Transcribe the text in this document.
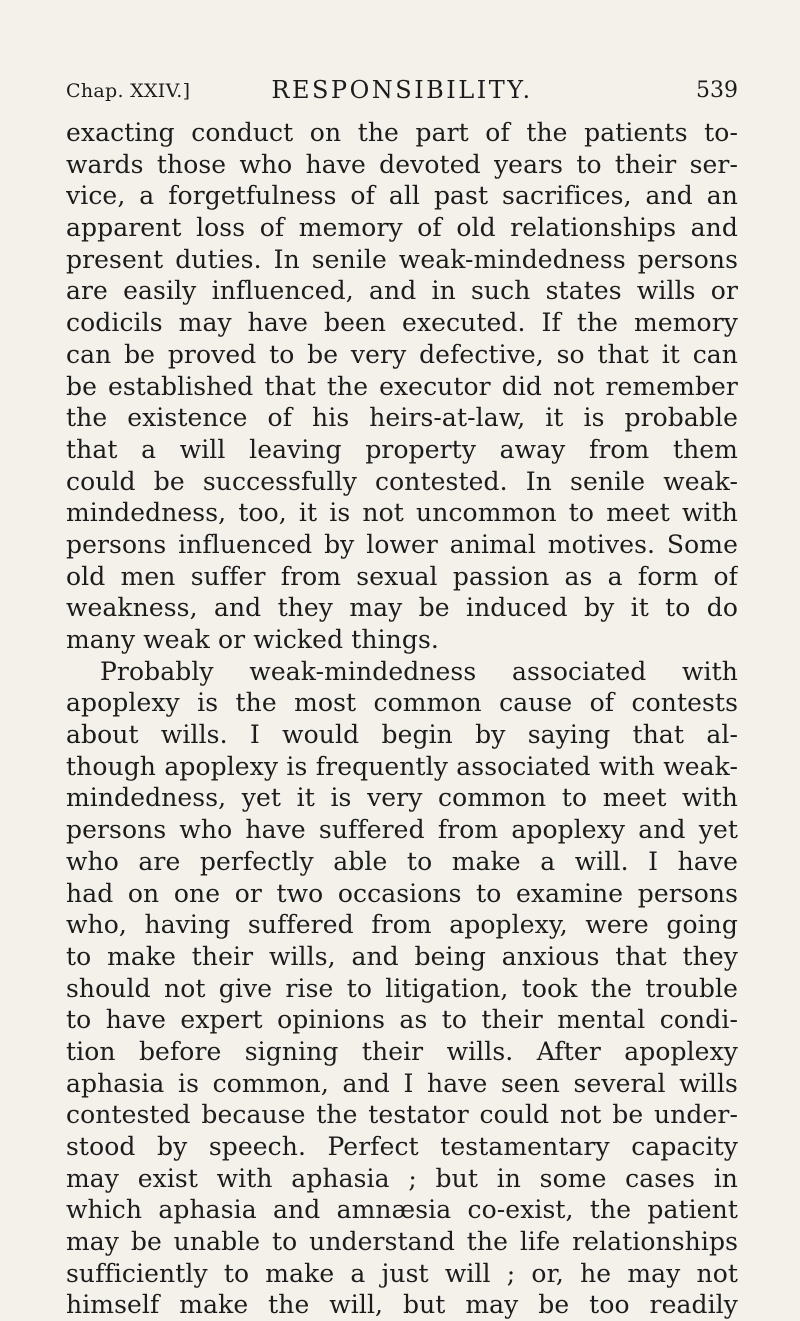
Chap. XXIV.]	RESPONSIBILITY.	539
exacting conduct on the part of the patients to-
wards those who have devoted years to their ser-
vice, a forgetfulness of all past sacrifices, and an
apparent loss of memory of old relationships and
present duties. In senile weak-mindedness persons
are easily influenced, and in such states wills or
codicils may have been executed. If the memory
can be proved to be very defective, so that it can
be established that the executor did not remember
the existence of his heirs-at-law, it is probable
that a will leaving property away from them
could be successfully contested. In senile weak-
mindedness, too, it is not uncommon to meet with
persons influenced by lower animal motives. Some
old men suffer from sexual passion as a form of
weakness, and they may be induced by it to do
many weak or wicked things.
Probably weak-mindedness associated with
apoplexy is the most common cause of contests
about wills. I would begin by saying that al-
though apoplexy is frequently associated with weak-
mindedness, yet it is very common to meet with
persons who have suffered from apoplexy and yet
who are perfectly able to make a will. I have
had on one or two occasions to examine persons
who, having suffered from apoplexy, were going
to make their wills, and being anxious that they
should not give rise to litigation, took the trouble
to have expert opinions as to their mental condi-
tion before signing their wills. After apoplexy
aphasia is common, and I have seen several wills
contested because the testator could not be under-
stood by speech. Perfect testamentary capacity
may exist with aphasia ; but in some cases in
which aphasia and amnæsia co-exist, the patient
may be unable to understand the life relationships
sufficiently to make a just will ; or, he may not
himself make the will, but may be too readily
